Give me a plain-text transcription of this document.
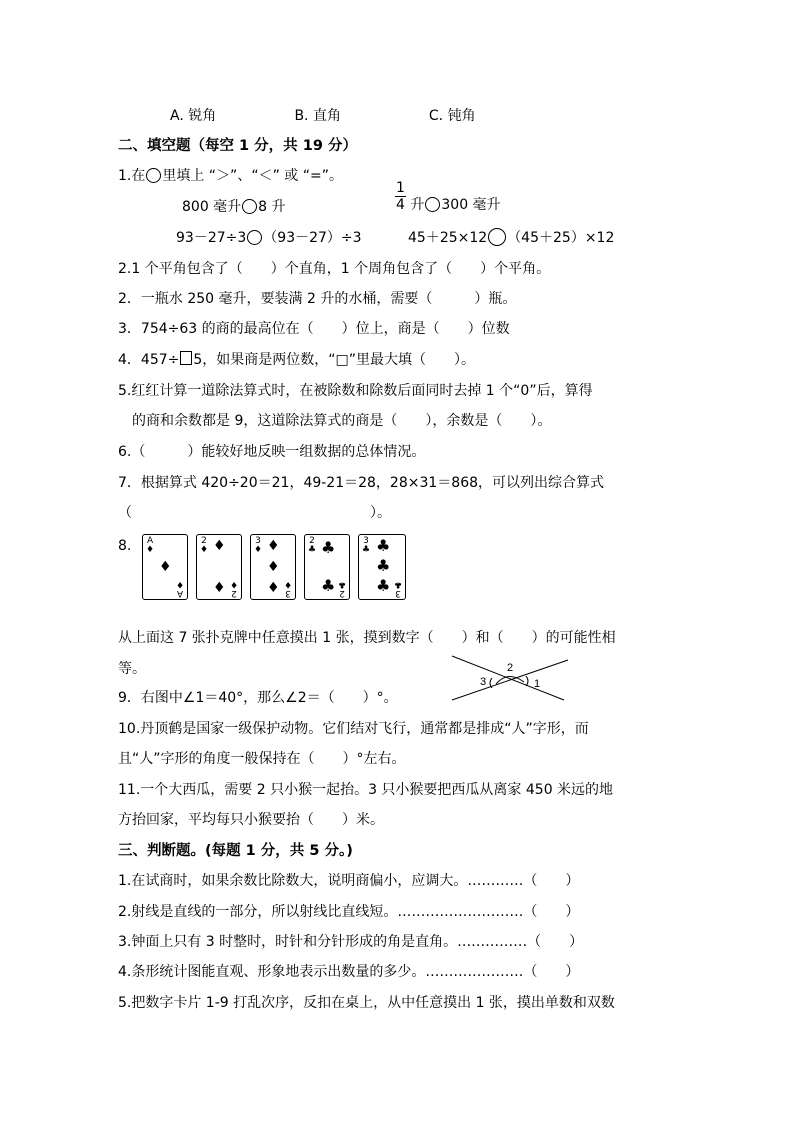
A. 锐角	B. 直角	C. 钝角
二、填空题（每空 1 分，共 19 分）
1.在 里填上 “＞”、“＜” 或 “=”。
800 毫升 8 升	$\frac{1}{4}$ 升 300 毫升
93－27÷3 （93－27）÷3	45＋25×12 （45＋25）×12
2.1 个平角包含了（　　）个直角，1 个周角包含了（　　）个平角。
2．一瓶水 250 毫升，要装满 2 升的水桶，需要（　　　）瓶。
3．754÷63 的商的最高位在（　　）位上，商是（　　）位数
4．457÷ 5，如果商是两位数，“□”里最大填（　　）。
5.红红计算一道除法算式时，在被除数和除数后面同时去掉 1 个“0”后，算得
的商和余数都是 9，这道除法算式的商是（　　），余数是（　　）。
6.（　　　）能较好地反映一组数据的总体情况。
7．根据算式 420÷20＝21，49-21＝28，28×31＝868，可以列出综合算式
（　　　　　　　　　　　　　　　　　）。
8. A
♦
♦
A
♦
2
♦ ♦
♦ 2
♦
3
♦ ♦
♦
♦ 3
♦
2
♣ ♣
♣ 2
♣
3
♣ ♣
♣
♣ 3
♣
从上面这 7 张扑克牌中任意摸出 1 张，摸到数字（　　）和（　　）的可能性相
等。	2
3	1
9．右图中∠1＝40°，那么∠2＝（　　）°。
10.丹顶鹤是国家一级保护动物。它们结对飞行，通常都是排成“人”字形，而
且“人”字形的角度一般保持在（　　）°左右。
11.一个大西瓜，需要 2 只小猴一起抬。3 只小猴要把西瓜从离家 450 米远的地
方抬回家，平均每只小猴要抬（　　）米。
三、判断题。(每题 1 分，共 5 分。)
1.在试商时，如果余数比除数大，说明商偏小，应调大。…………（　　）
2.射线是直线的一部分，所以射线比直线短。………………………（　　）
3.钟面上只有 3 时整时，时针和分针形成的角是直角。……………（　　）
4.条形统计图能直观、形象地表示出数量的多少。…………………（　　）
5.把数字卡片 1-9 打乱次序，反扣在桌上，从中任意摸出 1 张，摸出单数和双数
